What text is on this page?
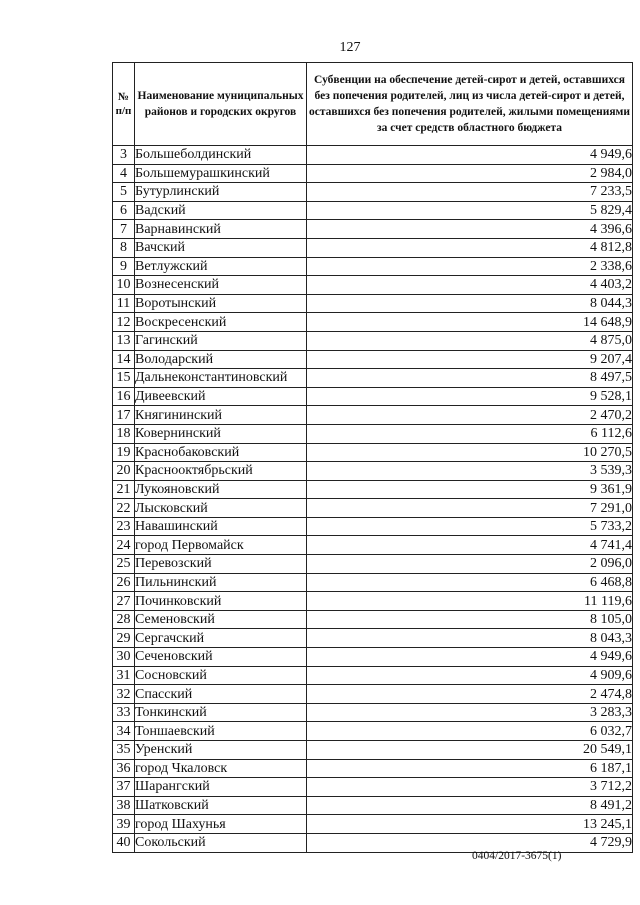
127
№ п/п	Наименование муниципальных районов и городских округов	Субвенции на обеспечение детей-сирот и детей, оставшихся без попечения родителей, лиц из числа детей-сирот и детей, оставшихся без попечения родителей, жилыми помещениями за счет средств областного бюджета
3	Большеболдинский	4 949,6
4	Большемурашкинский	2 984,0
5	Бутурлинский	7 233,5
6	Вадский	5 829,4
7	Варнавинский	4 396,6
8	Вачский	4 812,8
9	Ветлужский	2 338,6
10	Вознесенский	4 403,2
11	Воротынский	8 044,3
12	Воскресенский	14 648,9
13	Гагинский	4 875,0
14	Володарский	9 207,4
15	Дальнеконстантиновский	8 497,5
16	Дивеевский	9 528,1
17	Княгининский	2 470,2
18	Ковернинский	6 112,6
19	Краснобаковский	10 270,5
20	Краснооктябрьский	3 539,3
21	Лукояновский	9 361,9
22	Лысковский	7 291,0
23	Навашинский	5 733,2
24	город Первомайск	4 741,4
25	Перевозский	2 096,0
26	Пильнинский	6 468,8
27	Починковский	11 119,6
28	Семеновский	8 105,0
29	Сергачский	8 043,3
30	Сеченовский	4 949,6
31	Сосновский	4 909,6
32	Спасский	2 474,8
33	Тонкинский	3 283,3
34	Тоншаевский	6 032,7
35	Уренский	20 549,1
36	город Чкаловск	6 187,1
37	Шарангский	3 712,2
38	Шатковский	8 491,2
39	город Шахунья	13 245,1
40	Сокольский	4 729,9
0404/2017-3675(1)
